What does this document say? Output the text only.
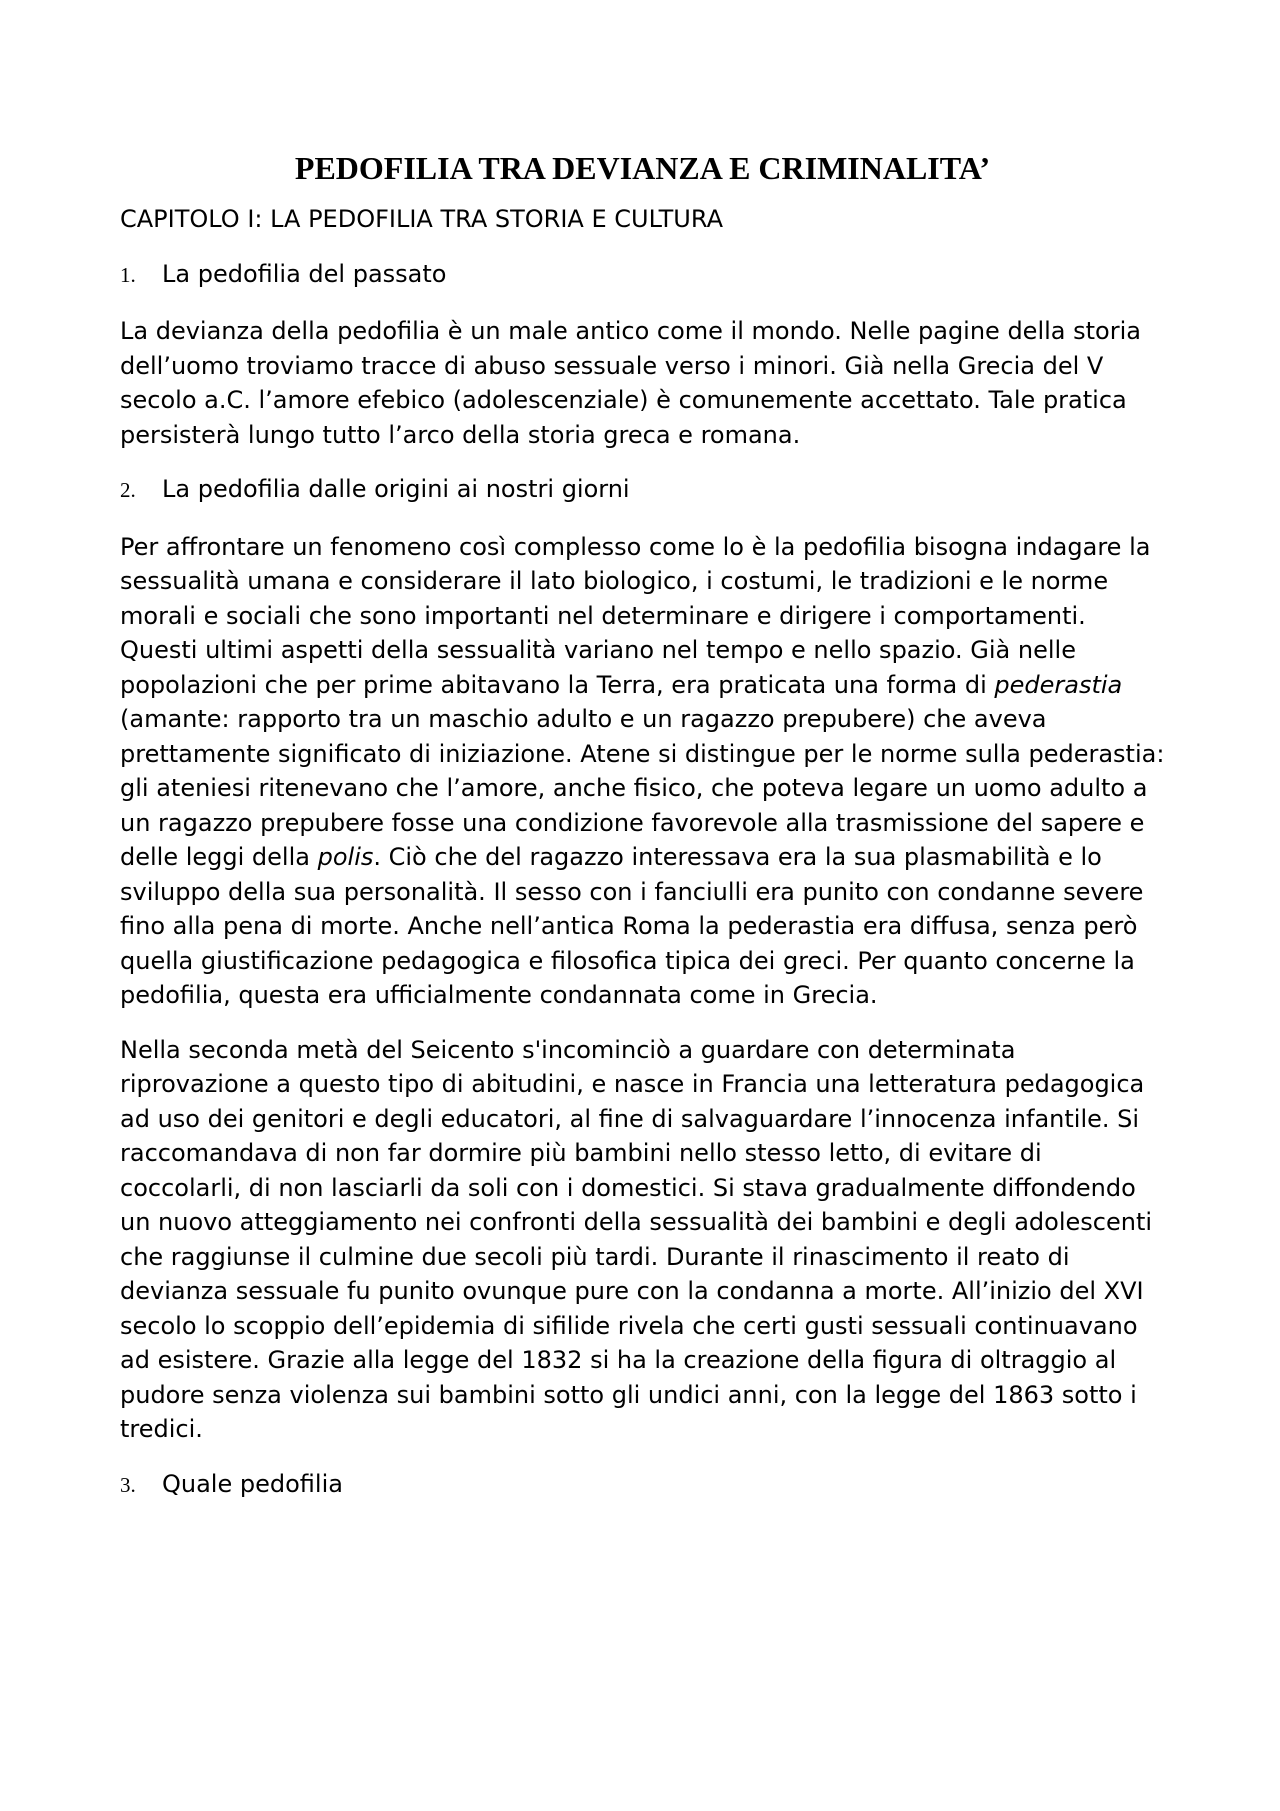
PEDOFILIA TRA DEVIANZA E CRIMINALITA’
CAPITOLO I: LA PEDOFILIA TRA STORIA E CULTURA
1.	La pedofilia del passato

La devianza della pedofilia è un male antico come il mondo. Nelle pagine della storia dell’uomo troviamo tracce di abuso sessuale verso i minori. Già nella Grecia del V secolo a.C. l’amore efebico (adolescenziale) è comunemente accettato. Tale pratica persisterà lungo tutto l’arco della storia greca e romana.

2.	La pedofilia dalle origini ai nostri giorni

Per affrontare un fenomeno così complesso come lo è la pedofilia bisogna indagare la sessualità umana e considerare il lato biologico, i costumi, le tradizioni e le norme morali e sociali che sono importanti nel determinare e dirigere i comportamenti. Questi ultimi aspetti della sessualità variano nel tempo e nello spazio. Già nelle popolazioni che per prime abitavano la Terra, era praticata una forma di pederastia (amante: rapporto tra un maschio adulto e un ragazzo prepubere) che aveva prettamente significato di iniziazione. Atene si distingue per le norme sulla pederastia: gli ateniesi ritenevano che l’amore, anche fisico, che poteva legare un uomo adulto a un ragazzo prepubere fosse una condizione favorevole alla trasmissione del sapere e delle leggi della polis. Ciò che del ragazzo interessava era la sua plasmabilità e lo sviluppo della sua personalità. Il sesso con i fanciulli era punito con condanne severe fino alla pena di morte. Anche nell’antica Roma la pederastia era diffusa, senza però quella giustificazione pedagogica e filosofica tipica dei greci. Per quanto concerne la pedofilia, questa era ufficialmente condannata come in Grecia.

Nella seconda metà del Seicento s'incominciò a guardare con determinata riprovazione a questo tipo di abitudini, e nasce in Francia una letteratura pedagogica ad uso dei genitori e degli educatori, al fine di salvaguardare l’innocenza infantile. Si raccomandava di non far dormire più bambini nello stesso letto, di evitare di coccolarli, di non lasciarli da soli con i domestici. Si stava gradualmente diffondendo un nuovo atteggiamento nei confronti della sessualità dei bambini e degli adolescenti che raggiunse il culmine due secoli più tardi. Durante il rinascimento il reato di devianza sessuale fu punito ovunque pure con la condanna a morte. All’inizio del XVI secolo lo scoppio dell’epidemia di sifilide rivela che certi gusti sessuali continuavano ad esistere. Grazie alla legge del 1832 si ha la creazione della figura di oltraggio al pudore senza violenza sui bambini sotto gli undici anni, con la legge del 1863 sotto i tredici.

3.	Quale pedofilia
